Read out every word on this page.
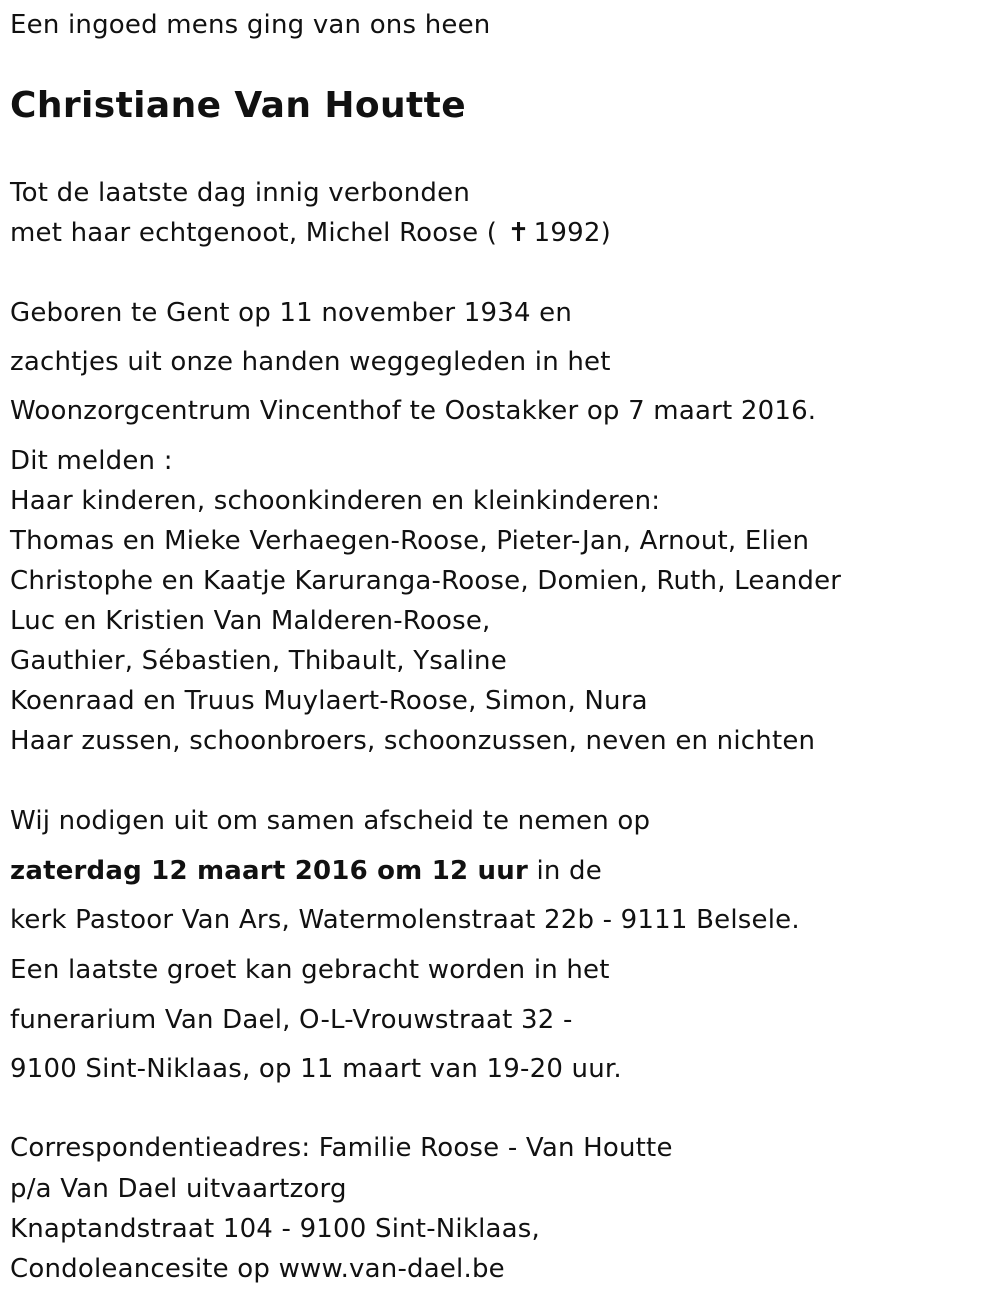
Een ingoed mens ging van ons heen
Christiane Van Houtte
Tot de laatste dag innig verbonden
met haar echtgenoot, Michel Roose ( ✝ 1992)
Geboren te Gent op 11 november 1934 en
zachtjes uit onze handen weggegleden in het
Woonzorgcentrum Vincenthof te Oostakker op 7 maart 2016.
Dit melden :
Haar kinderen, schoonkinderen en kleinkinderen:
Thomas en Mieke Verhaegen-Roose, Pieter-Jan, Arnout, Elien
Christophe en Kaatje Karuranga-Roose, Domien, Ruth, Leander
Luc en Kristien Van Malderen-Roose,
Gauthier, Sébastien, Thibault, Ysaline
Koenraad en Truus Muylaert-Roose, Simon, Nura
Haar zussen, schoonbroers, schoonzussen, neven en nichten
Wij nodigen uit om samen afscheid te nemen op
zaterdag 12 maart 2016 om 12 uur in de
kerk Pastoor Van Ars, Watermolenstraat 22b - 9111 Belsele.
Een laatste groet kan gebracht worden in het
funerarium Van Dael, O-L-Vrouwstraat 32 -
9100 Sint-Niklaas, op 11 maart van 19-20 uur.
Correspondentieadres: Familie Roose - Van Houtte
p/a Van Dael uitvaartzorg
Knaptandstraat 104 - 9100 Sint-Niklaas,
Condoleancesite op www.van-dael.be
